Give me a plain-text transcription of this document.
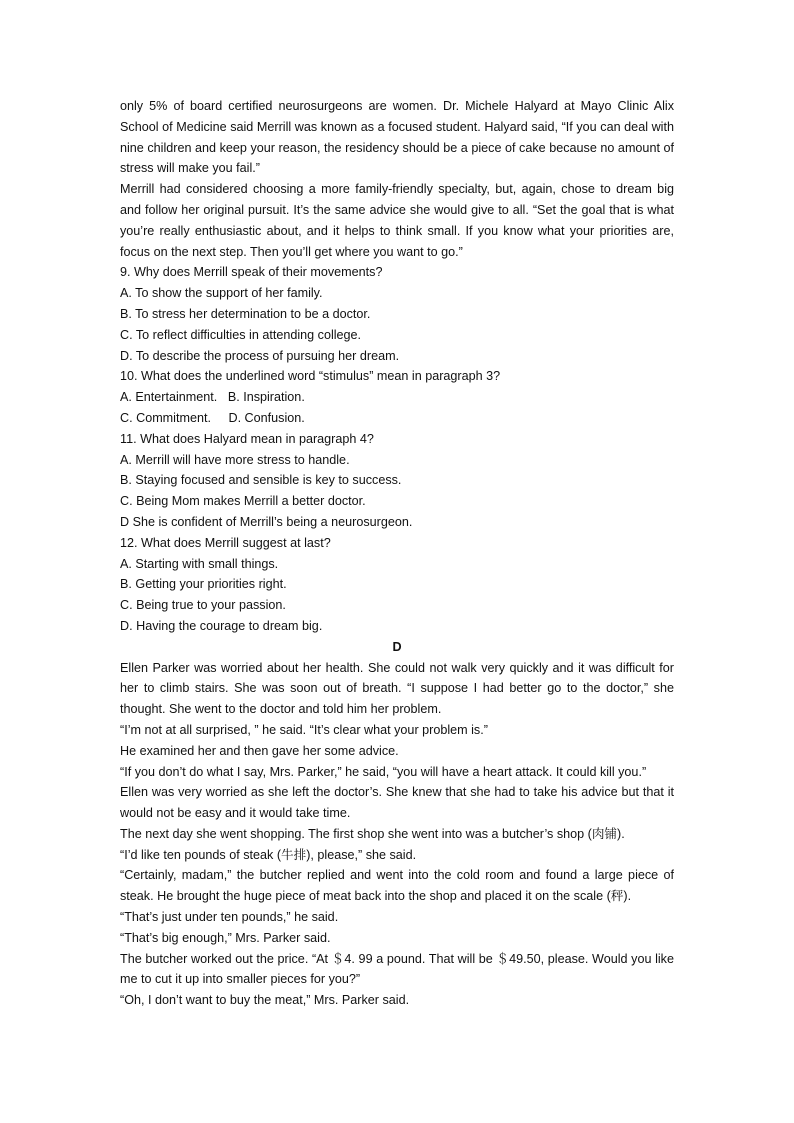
only 5% of board certified neurosurgeons are women. Dr. Michele Halyard at Mayo Clinic Alix School of Medicine said Merrill was known as a focused student. Halyard said, “If you can deal with nine children and keep your reason, the residency should be a piece of cake because no amount of stress will make you fail.”

Merrill had considered choosing a more family-friendly specialty, but, again, chose to dream big and follow her original pursuit. It’s the same advice she would give to all. “Set the goal that is what you’re really enthusiastic about, and it helps to think small. If you know what your priorities are, focus on the next step. Then you’ll get where you want to go.”

9. Why does Merrill speak of their movements?

A. To show the support of her family.

B. To stress her determination to be a doctor.

C. To reflect difficulties in attending college.

D. To describe the process of pursuing her dream.

10. What does the underlined word “stimulus” mean in paragraph 3?

A. Entertainment. B. Inspiration.

C. Commitment. D. Confusion.

11. What does Halyard mean in paragraph 4?

A. Merrill will have more stress to handle.

B. Staying focused and sensible is key to success.

C. Being Mom makes Merrill a better doctor.

D She is confident of Merrill’s being a neurosurgeon.

12. What does Merrill suggest at last?

A. Starting with small things.

B. Getting your priorities right.

C. Being true to your passion.

D. Having the courage to dream big.

D

Ellen Parker was worried about her health. She could not walk very quickly and it was difficult for her to climb stairs. She was soon out of breath. “I suppose I had better go to the doctor,” she thought. She went to the doctor and told him her problem.

“I’m not at all surprised, ” he said. “It’s clear what your problem is.”

He examined her and then gave her some advice.

“If you don’t do what I say, Mrs. Parker,” he said, “you will have a heart attack. It could kill you.”

Ellen was very worried as she left the doctor’s. She knew that she had to take his advice but that it would not be easy and it would take time.

The next day she went shopping. The first shop she went into was a butcher’s shop (肉铺).

“I’d like ten pounds of steak (牛排), please,” she said.

“Certainly, madam,” the butcher replied and went into the cold room and found a large piece of steak. He brought the huge piece of meat back into the shop and placed it on the scale (秤).

“That’s just under ten pounds,” he said.

“That’s big enough,” Mrs. Parker said.

The butcher worked out the price. “At ＄4. 99 a pound. That will be ＄49.50, please. Would you like me to cut it up into smaller pieces for you?”

“Oh, I don’t want to buy the meat,” Mrs. Parker said.
